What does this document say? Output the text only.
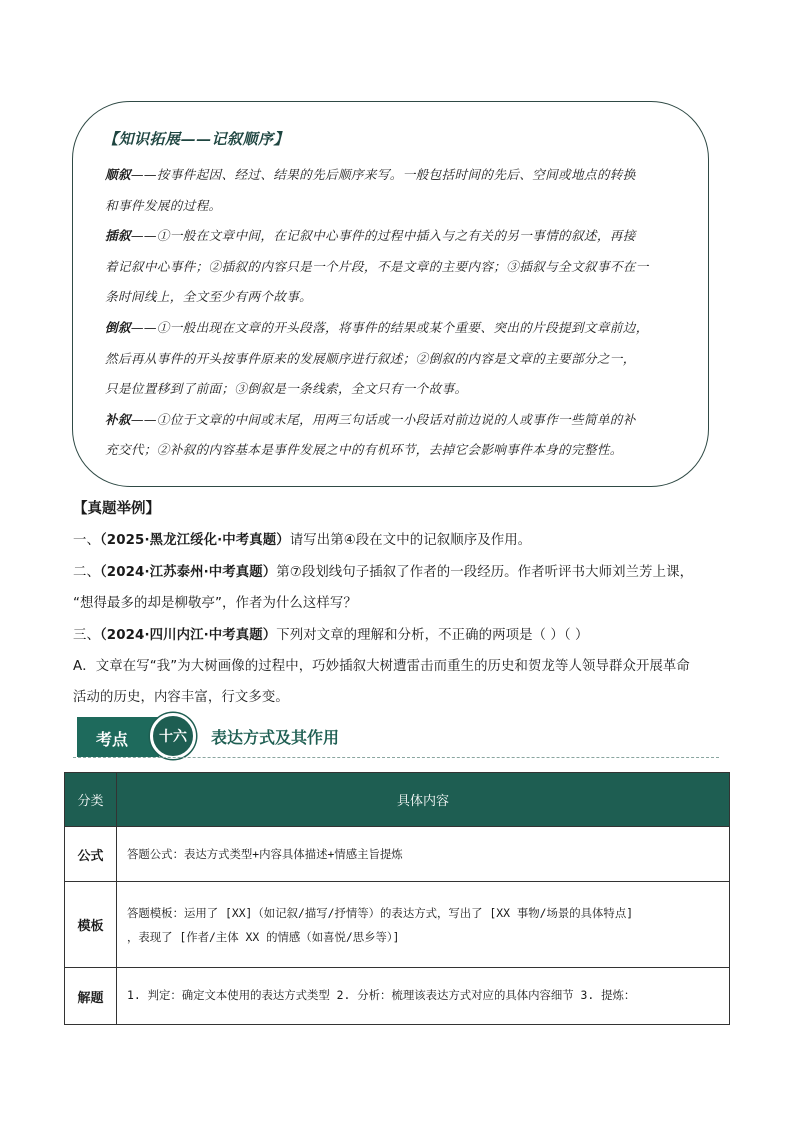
【知识拓展——记叙顺序】
顺叙——按事件起因、经过、结果的先后顺序来写。一般包括时间的先后、空间或地点的转换
和事件发展的过程。
插叙——①一般在文章中间，在记叙中心事件的过程中插入与之有关的另一事情的叙述，再接
着记叙中心事件；②插叙的内容只是一个片段，不是文章的主要内容；③插叙与全文叙事不在一
条时间线上，全文至少有两个故事。
倒叙——①一般出现在文章的开头段落，将事件的结果或某个重要、突出的片段提到文章前边，
然后再从事件的开头按事件原来的发展顺序进行叙述；②倒叙的内容是文章的主要部分之一，
只是位置移到了前面；③倒叙是一条线索，全文只有一个故事。
补叙——①位于文章的中间或末尾，用两三句话或一小段话对前边说的人或事作一些简单的补
充交代；②补叙的内容基本是事件发展之中的有机环节，去掉它会影响事件本身的完整性。
【真题举例】
一、（2025·黑龙江绥化·中考真题）请写出第④段在文中的记叙顺序及作用。
二、（2024·江苏泰州·中考真题）第⑦段划线句子插叙了作者的一段经历。作者听评书大师刘兰芳上课，
“想得最多的却是柳敬亭”，作者为什么这样写？
三、（2024·四川内江·中考真题）下列对文章的理解和分析，不正确的两项是（ ）（ ）
A．文章在写“我”为大树画像的过程中，巧妙插叙大树遭雷击而重生的历史和贺龙等人领导群众开展革命
活动的历史，内容丰富，行文多变。
考点 十六 表达方式及其作用
分类	具体内容
公式	答题公式：表达方式类型+内容具体描述+情感主旨提炼

模板	答题模板：运用了 [XX]（如记叙/描写/抒情等）的表达方式，写出了 [XX 事物/场景的具体特点]
，表现了 [作者/主体 XX 的情感（如喜悦/思乡等）]

解题	1. 判定：确定文本使用的表达方式类型 2. 分析：梳理该表达方式对应的具体内容细节 3. 提炼：
